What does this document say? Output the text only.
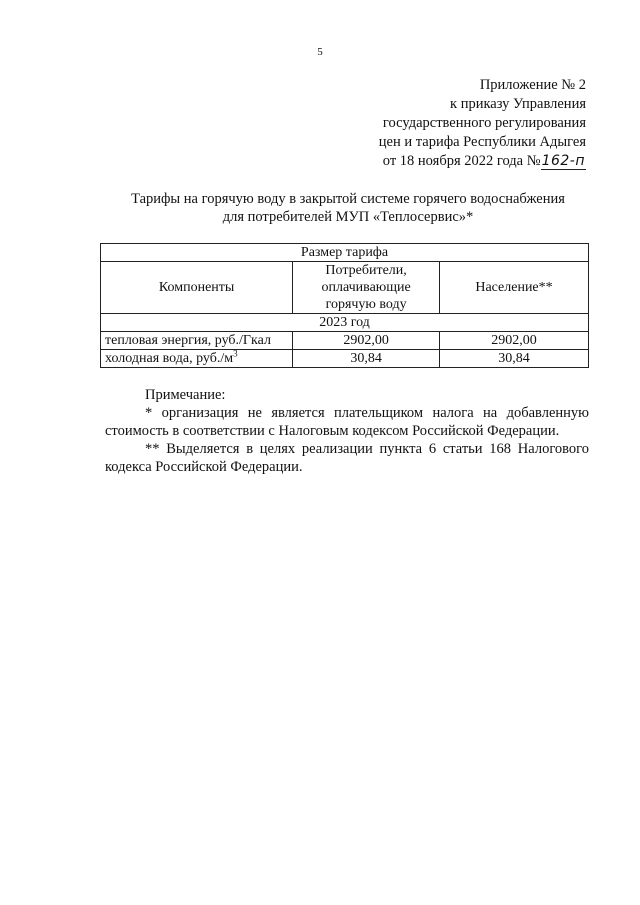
5
Приложение № 2
к приказу Управления
государственного регулирования
цен и тарифа Республики Адыгея
от 18 ноября 2022 года №162-п
Тарифы на горячую воду в закрытой системе горячего водоснабжения
для потребителей МУП «Теплосервис»*
Размер тарифа		
Компоненты	Потребители, оплачивающие горячую воду	Население**
2023 год		
тепловая энергия, руб./Гкал	2902,00	2902,00
холодная вода, $руб./м^3$	30,84	30,84

Примечание:

* организация не является плательщиком налога на добавленную стоимость в соответствии с Налоговым кодексом Российской Федерации.

** Выделяется в целях реализации пункта 6 статьи 168 Налогового кодекса Российской Федерации.
